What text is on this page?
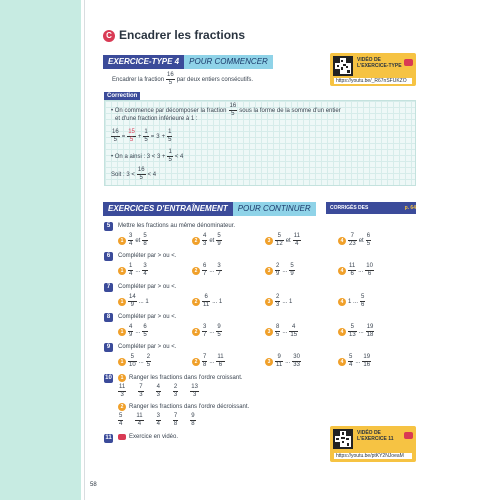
C Encadrer les fractions
EXERCICE-TYPE 4	POUR COMMENCER
Encadrer la fraction $\frac{16}{5}$ par deux entiers consécutifs.
VIDÉO DE
L'EXERCICE-TYPE
https://youtu.be/_R67nSFUKZO
Correction
• On commence par décomposer la fraction $\frac{16}{5}$ sous la forme de la somme d'un entier
et d'une fraction inférieure à 1 :
$\frac{16}{5} = \frac{15}{5} + \frac{1}{5} = 3 + \frac{1}{5}$
• On a ainsi : $3 < 3 + \frac{1}{5} < 4$
Soit : $3 < \frac{16}{5} < 4$
EXERCICES D'ENTRAÎNEMENT	POUR CONTINUER	CORRIGÉS DES EXERCICES
p. 64
5	Mettre les fractions au même dénominateur.
$1 \frac{3}{4}$ et $\frac{5}{8}$	$2 \frac{4}{3}$ et $\frac{5}{9}$	$3 \frac{5}{12}$ et $\frac{11}{4}$	$4 \frac{7}{23}$ et $\frac{6}{5}$
6	Compléter par > ou <.
$1 \frac{1}{4}$ ... $\frac{3}{4}$	$2 \frac{6}{7}$ ... $\frac{3}{7}$	$3 \frac{2}{9}$ ... $\frac{5}{9}$	$4 \frac{11}{6}$ ... $\frac{10}{6}$
7	Compléter par > ou <.
$1 \frac{14}{9}$ ... 1	$2 \frac{6}{11}$ ... 1	$3 \frac{2}{3}$ ... 1	4 1 ... $\frac{5}{6}$
8	Compléter par > ou <.
$1 \frac{4}{9}$ ... $\frac{6}{5}$	$2 \frac{3}{7}$ ... $\frac{9}{5}$	$3 \frac{8}{5}$ ... $\frac{4}{15}$	$4 \frac{5}{13}$ ... $\frac{19}{18}$
9	Compléter par > ou <.
$1 \frac{5}{10}$ ... $\frac{2}{5}$	$2 \frac{7}{8}$ ... $\frac{11}{6}$	$3 \frac{9}{11}$ ... $\frac{30}{33}$	$4 \frac{5}{4}$ ... $\frac{19}{16}$
10	1 Ranger les fractions dans l'ordre croissant.
$\frac{11}{3} \frac{7}{3} \frac{4}{3} \frac{2}{3} \frac{13}{3}$
2 Ranger les fractions dans l'ordre décroissant.
$\frac{5}{4} \frac{11}{4} \frac{3}{4} \frac{7}{8} \frac{9}{8}$
11	Exercice en vidéo.
VIDÉO DE
L'EXERCICE 11
https://youtu.be/ptKY2NJoeaM
58
